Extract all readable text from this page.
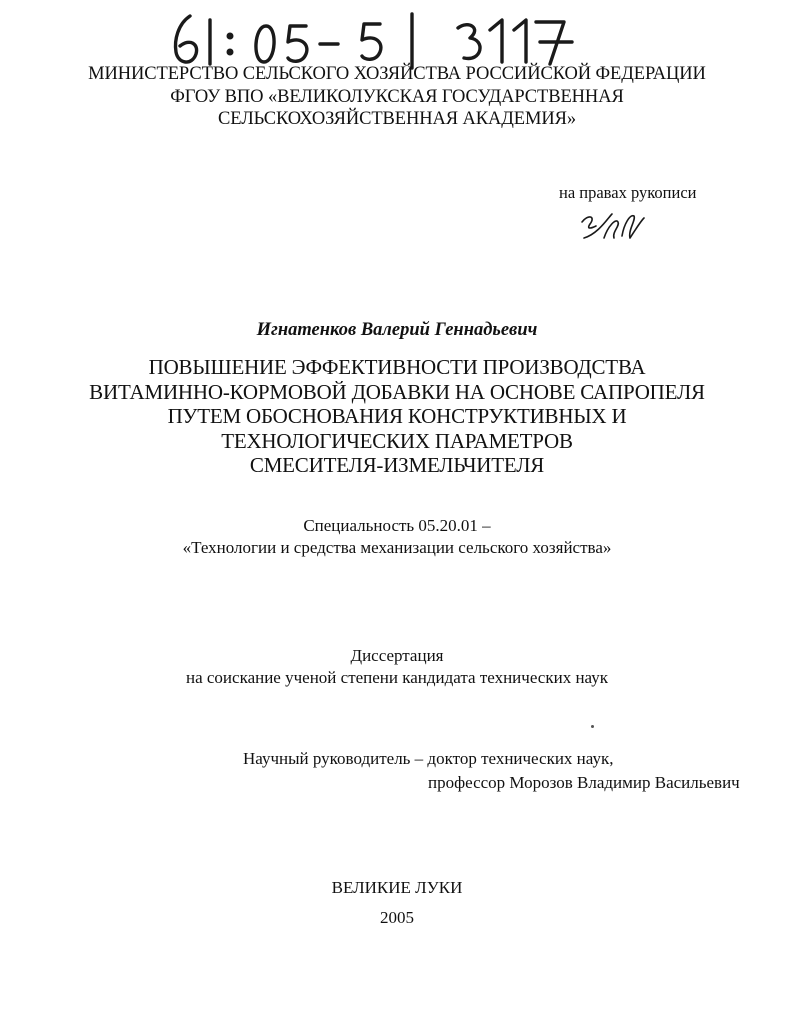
МИНИСТЕРСТВО СЕЛЬСКОГО ХОЗЯЙСТВА РОССИЙСКОЙ ФЕДЕРАЦИИ
ФГОУ ВПО «ВЕЛИКОЛУКСКАЯ ГОСУДАРСТВЕННАЯ
СЕЛЬСКОХОЗЯЙСТВЕННАЯ АКАДЕМИЯ»
на правах рукописи
Игнатенков Валерий Геннадьевич
ПОВЫШЕНИЕ ЭФФЕКТИВНОСТИ ПРОИЗВОДСТВА
ВИТАМИННО-КОРМОВОЙ ДОБАВКИ НА ОСНОВЕ САПРОПЕЛЯ
ПУТЕМ ОБОСНОВАНИЯ КОНСТРУКТИВНЫХ И
ТЕХНОЛОГИЧЕСКИХ ПАРАМЕТРОВ
СМЕСИТЕЛЯ-ИЗМЕЛЬЧИТЕЛЯ
Специальность 05.20.01 –
«Технологии и средства механизации сельского хозяйства»
Диссертация
на соискание ученой степени кандидата технических наук
Научный руководитель – доктор технических наук,
профессор Морозов Владимир Васильевич
ВЕЛИКИЕ ЛУКИ
2005
